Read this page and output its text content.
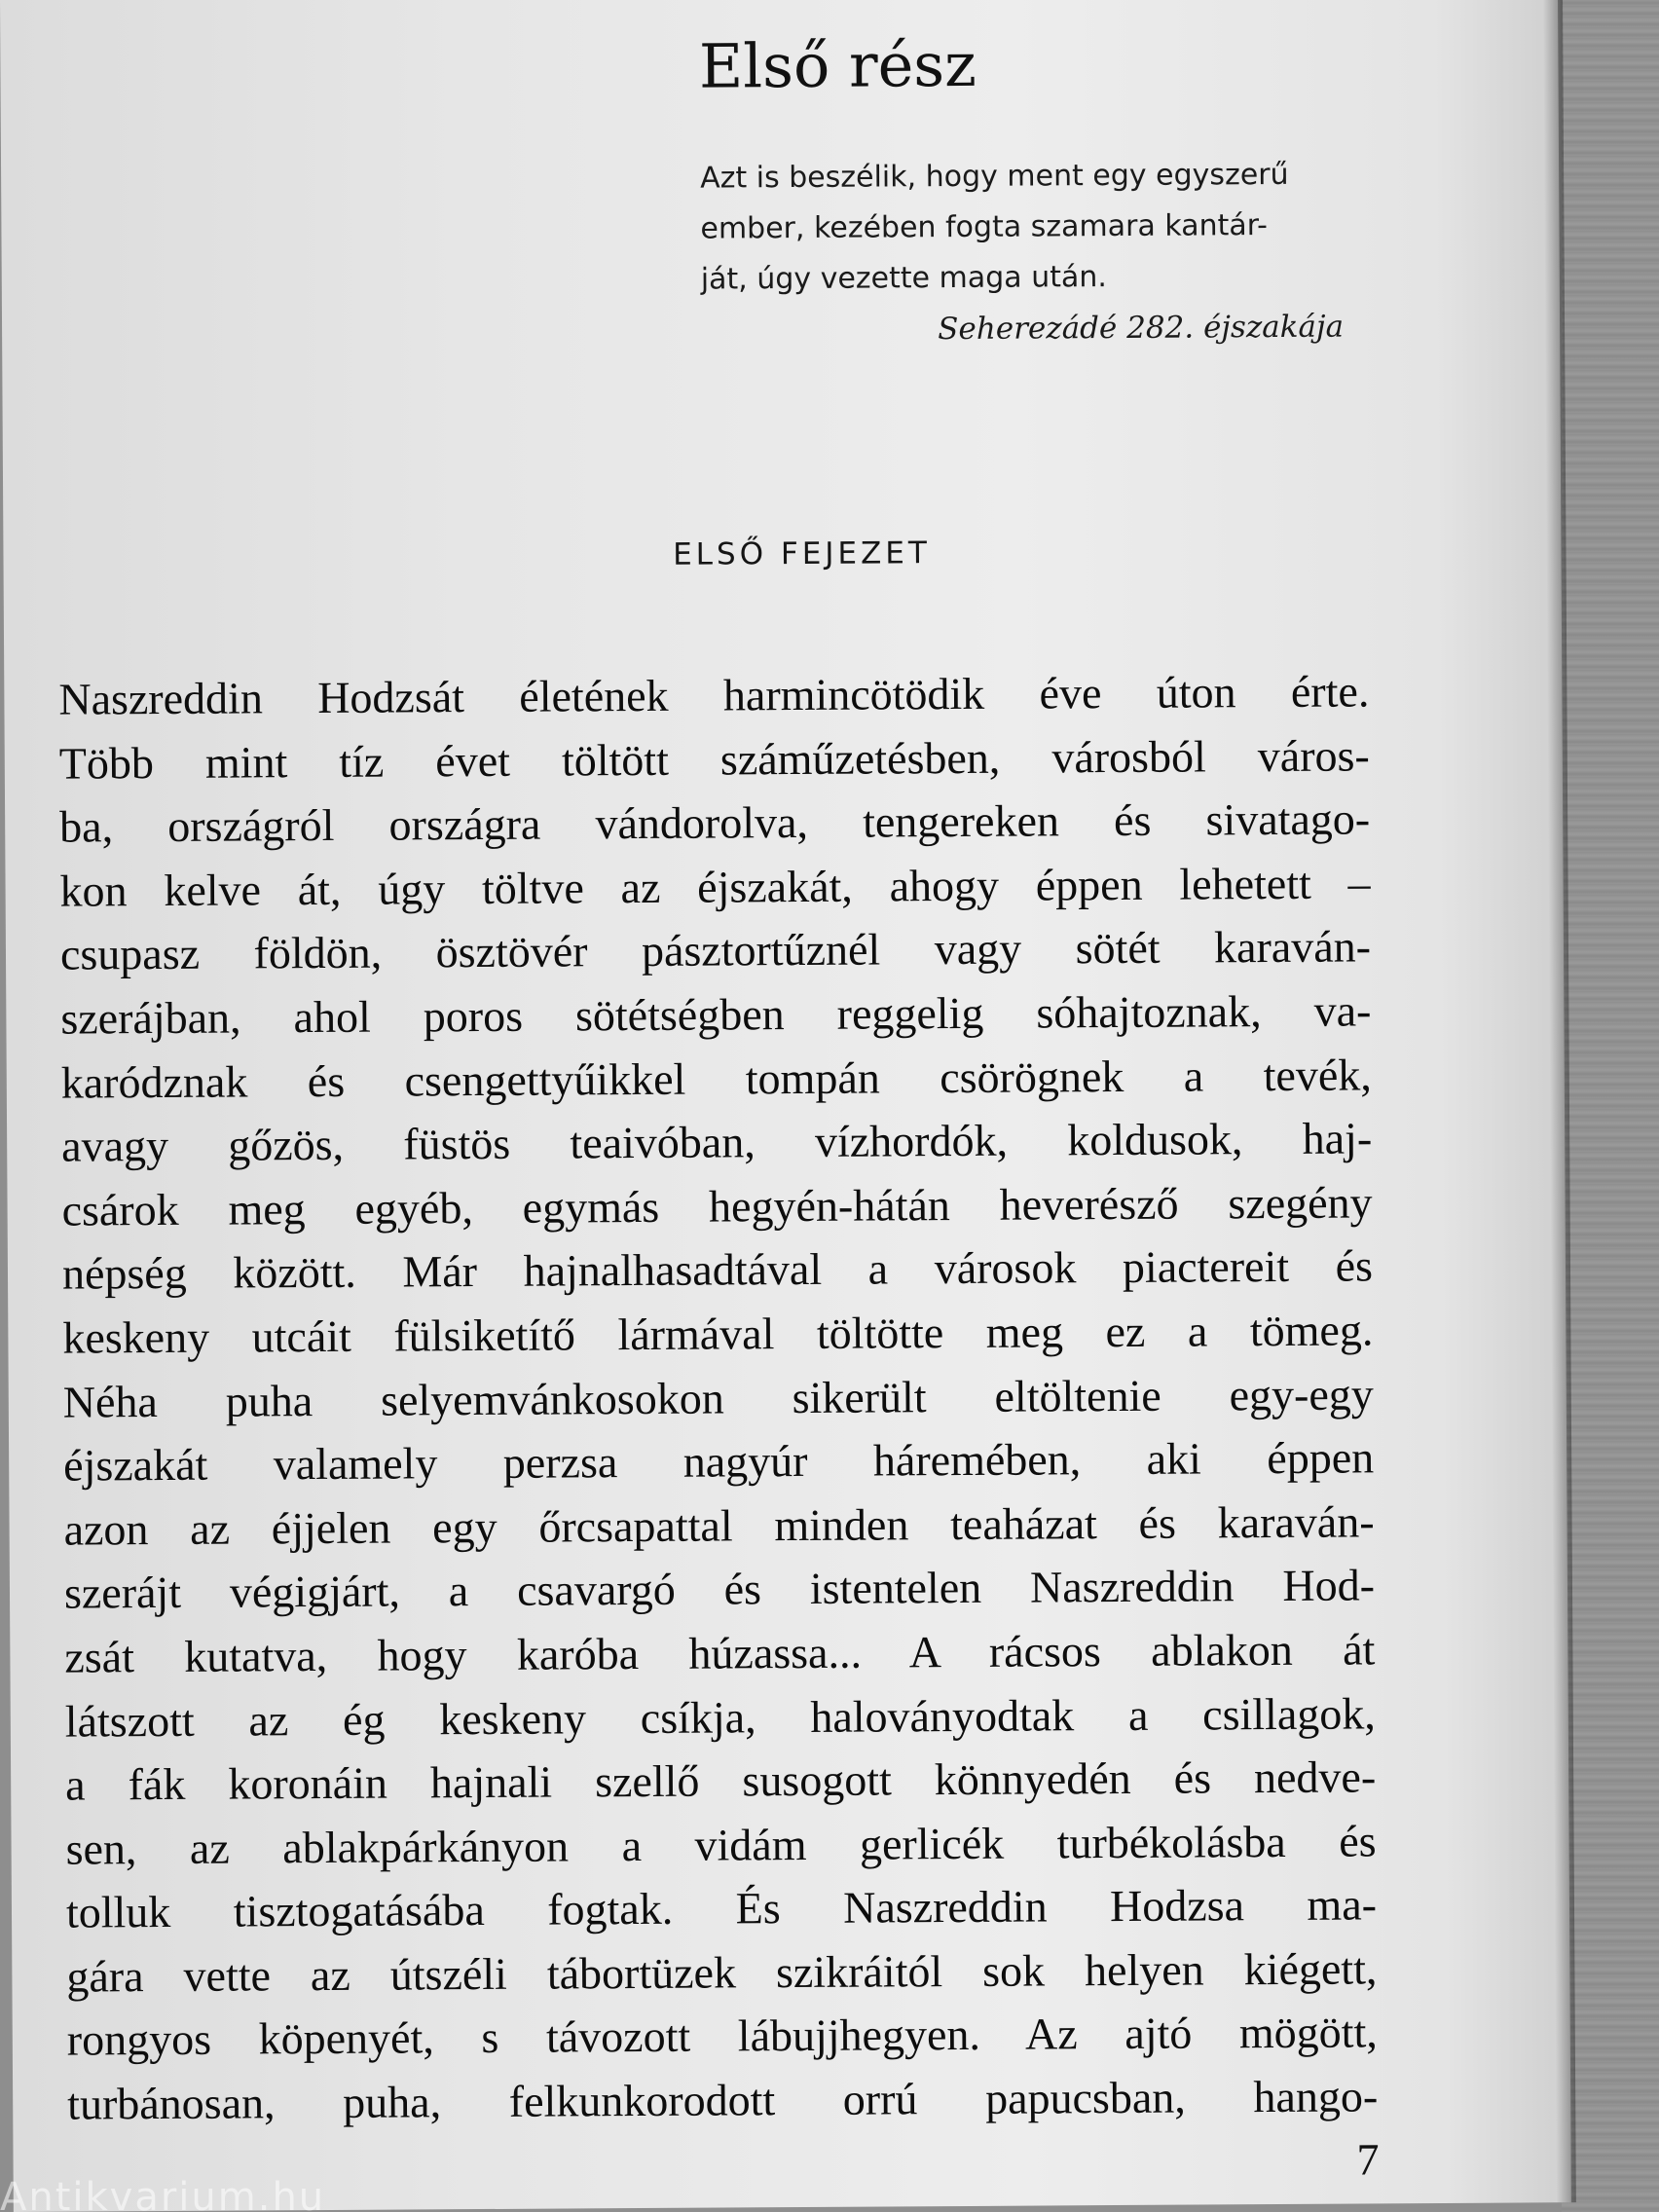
Első rész
Azt is beszélik, hogy ment egy egyszerű
ember, kezében fogta szamara kantár-
ját, úgy vezette maga után.
Seherezádé 282. éjszakája
ELSŐ FEJEZET
Naszreddin Hodzsát életének harmincötödik éve úton érte.
Több mint tíz évet töltött száműzetésben, városból város-
ba, országról országra vándorolva, tengereken és sivatago-
kon kelve át, úgy töltve az éjszakát, ahogy éppen lehetett –
csupasz földön, ösztövér pásztortűznél vagy sötét karaván-
szerájban, ahol poros sötétségben reggelig sóhajtoznak, va-
karódznak és csengettyűikkel tompán csörögnek a tevék,
avagy gőzös, füstös teaivóban, vízhordók, koldusok, haj-
csárok meg egyéb, egymás hegyén-hátán heverésző szegény
népség között. Már hajnalhasadtával a városok piactereit és
keskeny utcáit fülsiketítő lármával töltötte meg ez a tömeg.
Néha puha selyemvánkosokon sikerült eltöltenie egy-egy
éjszakát valamely perzsa nagyúr háremében, aki éppen
azon az éjjelen egy őrcsapattal minden teaházat és karaván-
szerájt végigjárt, a csavargó és istentelen Naszreddin Hod-
zsát kutatva, hogy karóba húzassa... A rácsos ablakon át
látszott az ég keskeny csíkja, haloványodtak a csillagok,
a fák koronáin hajnali szellő susogott könnyedén és nedve-
sen, az ablakpárkányon a vidám gerlicék turbékolásba és
tolluk tisztogatásába fogtak. És Naszreddin Hodzsa ma-
gára vette az útszéli tábortüzek szikráitól sok helyen kiégett,
rongyos köpenyét, s távozott lábujjhegyen. Az ajtó mögött,
turbánosan, puha, felkunkorodott orrú papucsban, hango-
7
Antikvarium.hu
